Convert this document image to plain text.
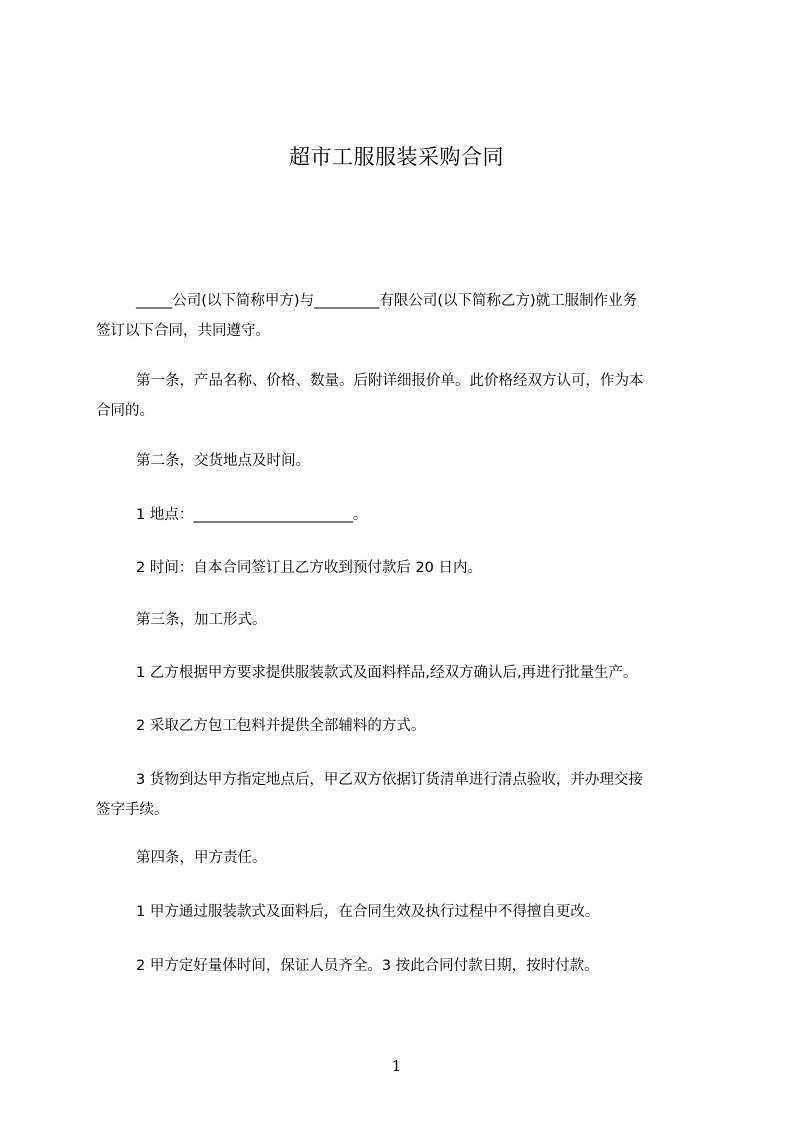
超市工服服装采购合同
_____公司(以下简称甲方)与_________有限公司(以下简称乙方)就工服制作业务
签订以下合同，共同遵守。
第一条，产品名称、价格、数量。后附详细报价单。此价格经双方认可，作为本
合同的。
第二条，交货地点及时间。
1 地点：______________________。
2 时间：自本合同签订且乙方收到预付款后 20 日内。
第三条，加工形式。
1 乙方根据甲方要求提供服装款式及面料样品,经双方确认后,再进行批量生产。
2 采取乙方包工包料并提供全部辅料的方式。
3 货物到达甲方指定地点后，甲乙双方依据订货清单进行清点验收，并办理交接
签字手续。
第四条，甲方责任。
1 甲方通过服装款式及面料后，在合同生效及执行过程中不得擅自更改。
2 甲方定好量体时间，保证人员齐全。3 按此合同付款日期，按时付款。
1
